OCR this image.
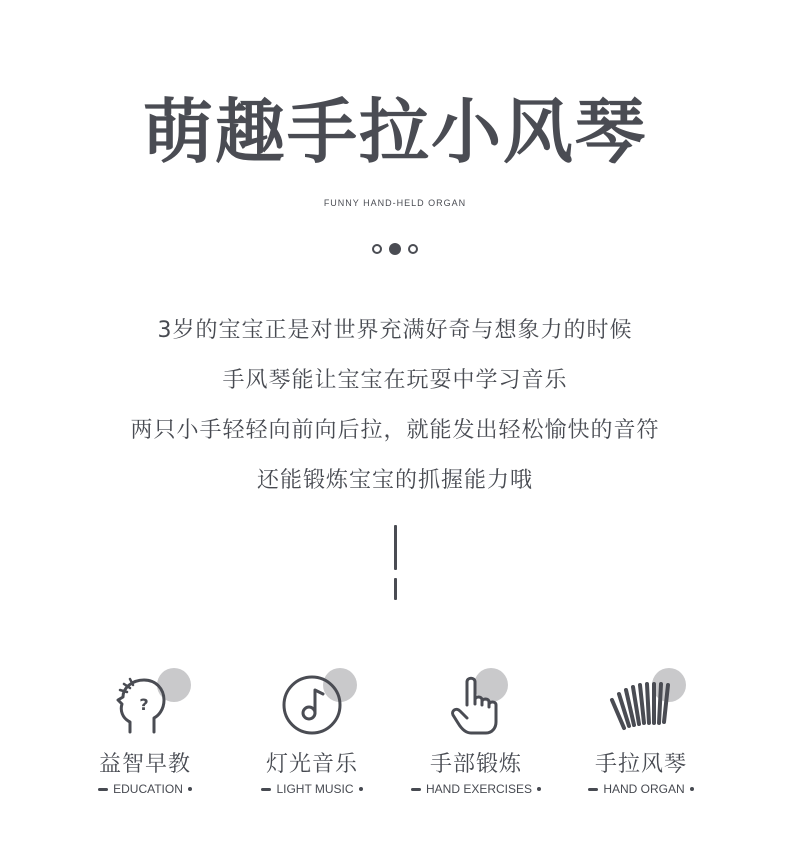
萌趣手拉小风琴
FUNNY HAND-HELD ORGAN
3岁的宝宝正是对世界充满好奇与想象力的时候
手风琴能让宝宝在玩耍中学习音乐
两只小手轻轻向前向后拉，就能发出轻松愉快的音符
还能锻炼宝宝的抓握能力哦
?
益智早教
EDUCATION
灯光音乐
LIGHT MUSIC
手部锻炼
HAND EXERCISES
手拉风琴
HAND ORGAN
